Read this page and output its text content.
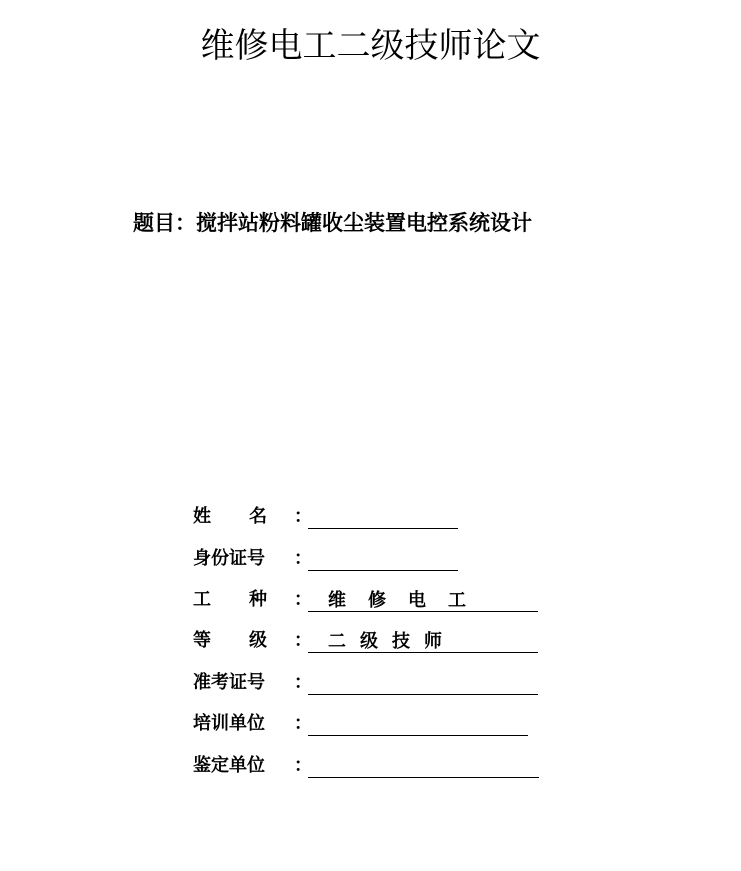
维修电工二级技师论文
题目：搅拌站粉料罐收尘装置电控系统设计
姓 名 ：
身份证号	：
工 种 ： 维 修 电 工
等 级 ： 二 级 技 师
准考证号	：
培训单位	：
鉴定单位	：
